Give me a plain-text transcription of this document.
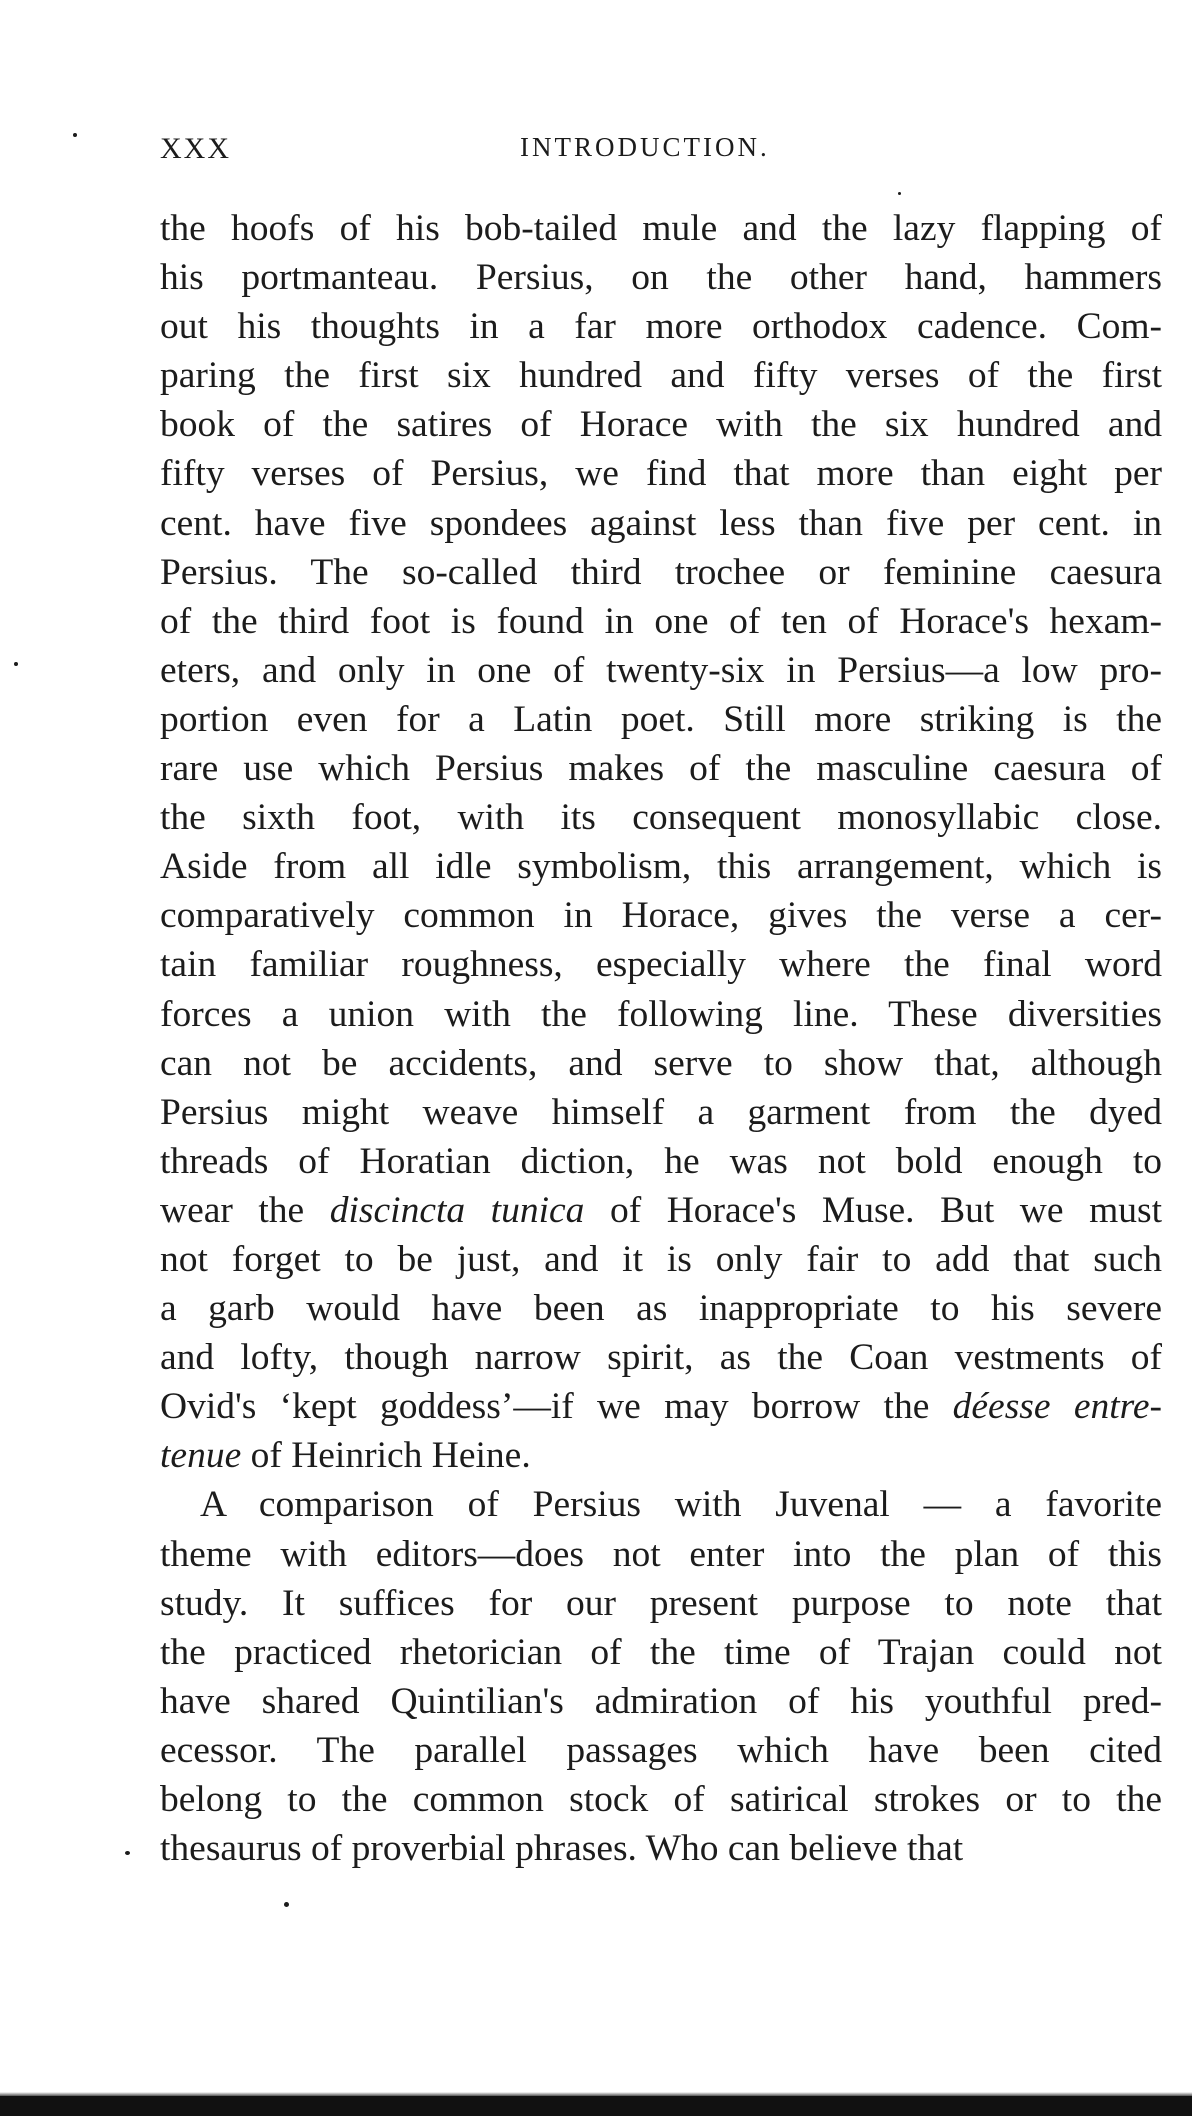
XXX	INTRODUCTION.
the hoofs of his bob-tailed mule and the lazy flapping of
his portmanteau. Persius, on the other hand, hammers
out his thoughts in a far more orthodox cadence. Com-
paring the first six hundred and fifty verses of the first
book of the satires of Horace with the six hundred and
fifty verses of Persius, we find that more than eight per
cent. have five spondees against less than five per cent. in
Persius. The so-called third trochee or feminine caesura
of the third foot is found in one of ten of Horace's hexam-
eters, and only in one of twenty-six in Persius—a low pro-
portion even for a Latin poet. Still more striking is the
rare use which Persius makes of the masculine caesura of
the sixth foot, with its consequent monosyllabic close.
Aside from all idle symbolism, this arrangement, which is
comparatively common in Horace, gives the verse a cer-
tain familiar roughness, especially where the final word
forces a union with the following line. These diversities
can not be accidents, and serve to show that, although
Persius might weave himself a garment from the dyed
threads of Horatian diction, he was not bold enough to
wear the discincta tunica of Horace's Muse. But we must
not forget to be just, and it is only fair to add that such
a garb would have been as inappropriate to his severe
and lofty, though narrow spirit, as the Coan vestments of
Ovid's ‘kept goddess’—if we may borrow the déesse entre-
tenue of Heinrich Heine.
A comparison of Persius with Juvenal — a favorite
theme with editors—does not enter into the plan of this
study. It suffices for our present purpose to note that
the practiced rhetorician of the time of Trajan could not
have shared Quintilian's admiration of his youthful pred-
ecessor. The parallel passages which have been cited
belong to the common stock of satirical strokes or to the
thesaurus of proverbial phrases. Who can believe that
